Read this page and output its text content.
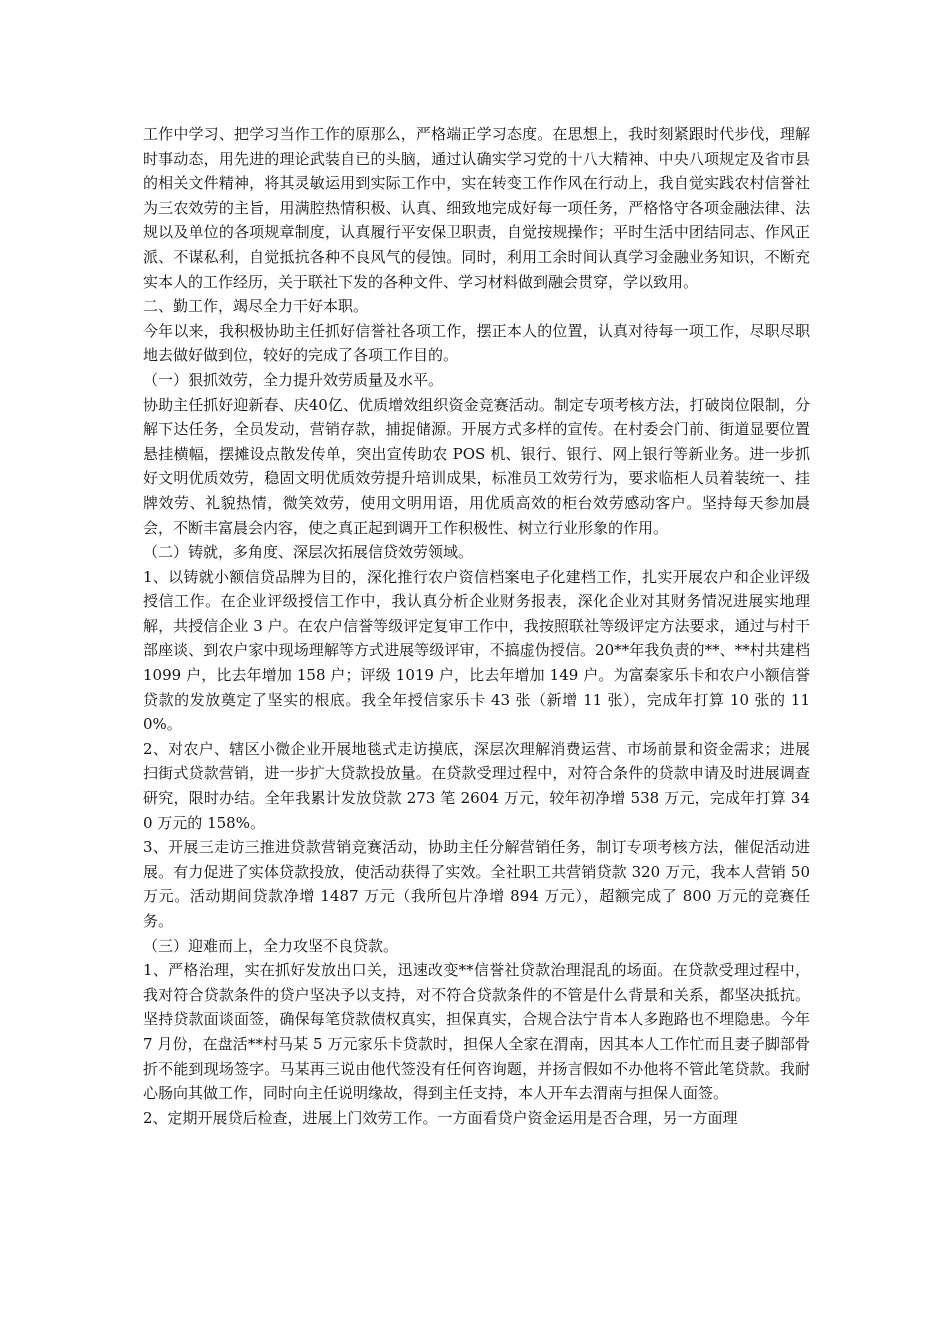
工作中学习、把学习当作工作的原那么，严格端正学习态度。在思想上，我时刻紧跟时代步伐，理解时事动态，用先进的理论武装自已的头脑，通过认确实学习党的十八大精神、中央八项规定及省市县的相关文件精神，将其灵敏运用到实际工作中，实在转变工作作风在行动上，我自觉实践农村信誉社为三农效劳的主旨，用满腔热情积极、认真、细致地完成好每一项任务，严格恪守各项金融法律、法规以及单位的各项规章制度，认真履行平安保卫职责，自觉按规操作；平时生活中团结同志、作风正派、不谋私利，自觉抵抗各种不良风气的侵蚀。同时，利用工余时间认真学习金融业务知识，不断充实本人的工作经历，关于联社下发的各种文件、学习材料做到融会贯穿，学以致用。

二、勤工作，竭尽全力干好本职。

今年以来，我积极协助主任抓好信誉社各项工作，摆正本人的位置，认真对待每一项工作，尽职尽职地去做好做到位，较好的完成了各项工作目的。

（一）狠抓效劳，全力提升效劳质量及水平。

协助主任抓好迎新春、庆40亿、优质增效组织资金竞赛活动。制定专项考核方法，打破岗位限制，分解下达任务，全员发动，营销存款，捕捉储源。开展方式多样的宣传。在村委会门前、街道显要位置悬挂横幅，摆摊设点散发传单，突出宣传助农 POS 机、银行、银行、网上银行等新业务。进一步抓好文明优质效劳，稳固文明优质效劳提升培训成果，标准员工效劳行为，要求临柜人员着装统一、挂牌效劳、礼貌热情，微笑效劳，使用文明用语，用优质高效的柜台效劳感动客户。坚持每天参加晨会，不断丰富晨会内容，使之真正起到调开工作积极性、树立行业形象的作用。

（二）铸就，多角度、深层次拓展信贷效劳领域。

1、以铸就小额信贷品牌为目的，深化推行农户资信档案电子化建档工作，扎实开展农户和企业评级授信工作。在企业评级授信工作中，我认真分析企业财务报表，深化企业对其财务情况进展实地理解，共授信企业 3 户。在农户信誉等级评定复审工作中，我按照联社等级评定方法要求，通过与村干部座谈、到农户家中现场理解等方式进展等级评审，不搞虚伪授信。20**年我负责的**、**村共建档 1099 户，比去年增加 158 户；评级 1019 户，比去年增加 149 户。为富秦家乐卡和农户小额信誉贷款的发放奠定了坚实的根底。我全年授信家乐卡 43 张（新增 11 张），完成年打算 10 张的 110%。

2、对农户、辖区小微企业开展地毯式走访摸底，深层次理解消费运营、市场前景和资金需求；进展扫街式贷款营销，进一步扩大贷款投放量。在贷款受理过程中，对符合条件的贷款申请及时进展调查研究，限时办结。全年我累计发放贷款 273 笔 2604 万元，较年初净增 538 万元，完成年打算 340 万元的 158%。

3、开展三走访三推进贷款营销竞赛活动，协助主任分解营销任务，制订专项考核方法，催促活动进展。有力促进了实体贷款投放，使活动获得了实效。全社职工共营销贷款 320 万元，我本人营销 50 万元。活动期间贷款净增 1487 万元（我所包片净增 894 万元），超额完成了 800 万元的竞赛任务。

（三）迎难而上，全力攻坚不良贷款。

1、严格治理，实在抓好发放出口关，迅速改变**信誉社贷款治理混乱的场面。在贷款受理过程中，我对符合贷款条件的贷户坚决予以支持，对不符合贷款条件的不管是什么背景和关系，都坚决抵抗。坚持贷款面谈面签，确保每笔贷款债权真实，担保真实，合规合法宁肯本人多跑路也不埋隐患。今年 7 月份，在盘活**村马某 5 万元家乐卡贷款时，担保人全家在渭南，因其本人工作忙而且妻子脚部骨折不能到现场签字。马某再三说由他代签没有任何咨询题，并扬言假如不办他将不管此笔贷款。我耐心肠向其做工作，同时向主任说明缘故，得到主任支持，本人开车去渭南与担保人面签。

2、定期开展贷后检查，进展上门效劳工作。一方面看贷户资金运用是否合理，另一方面理
